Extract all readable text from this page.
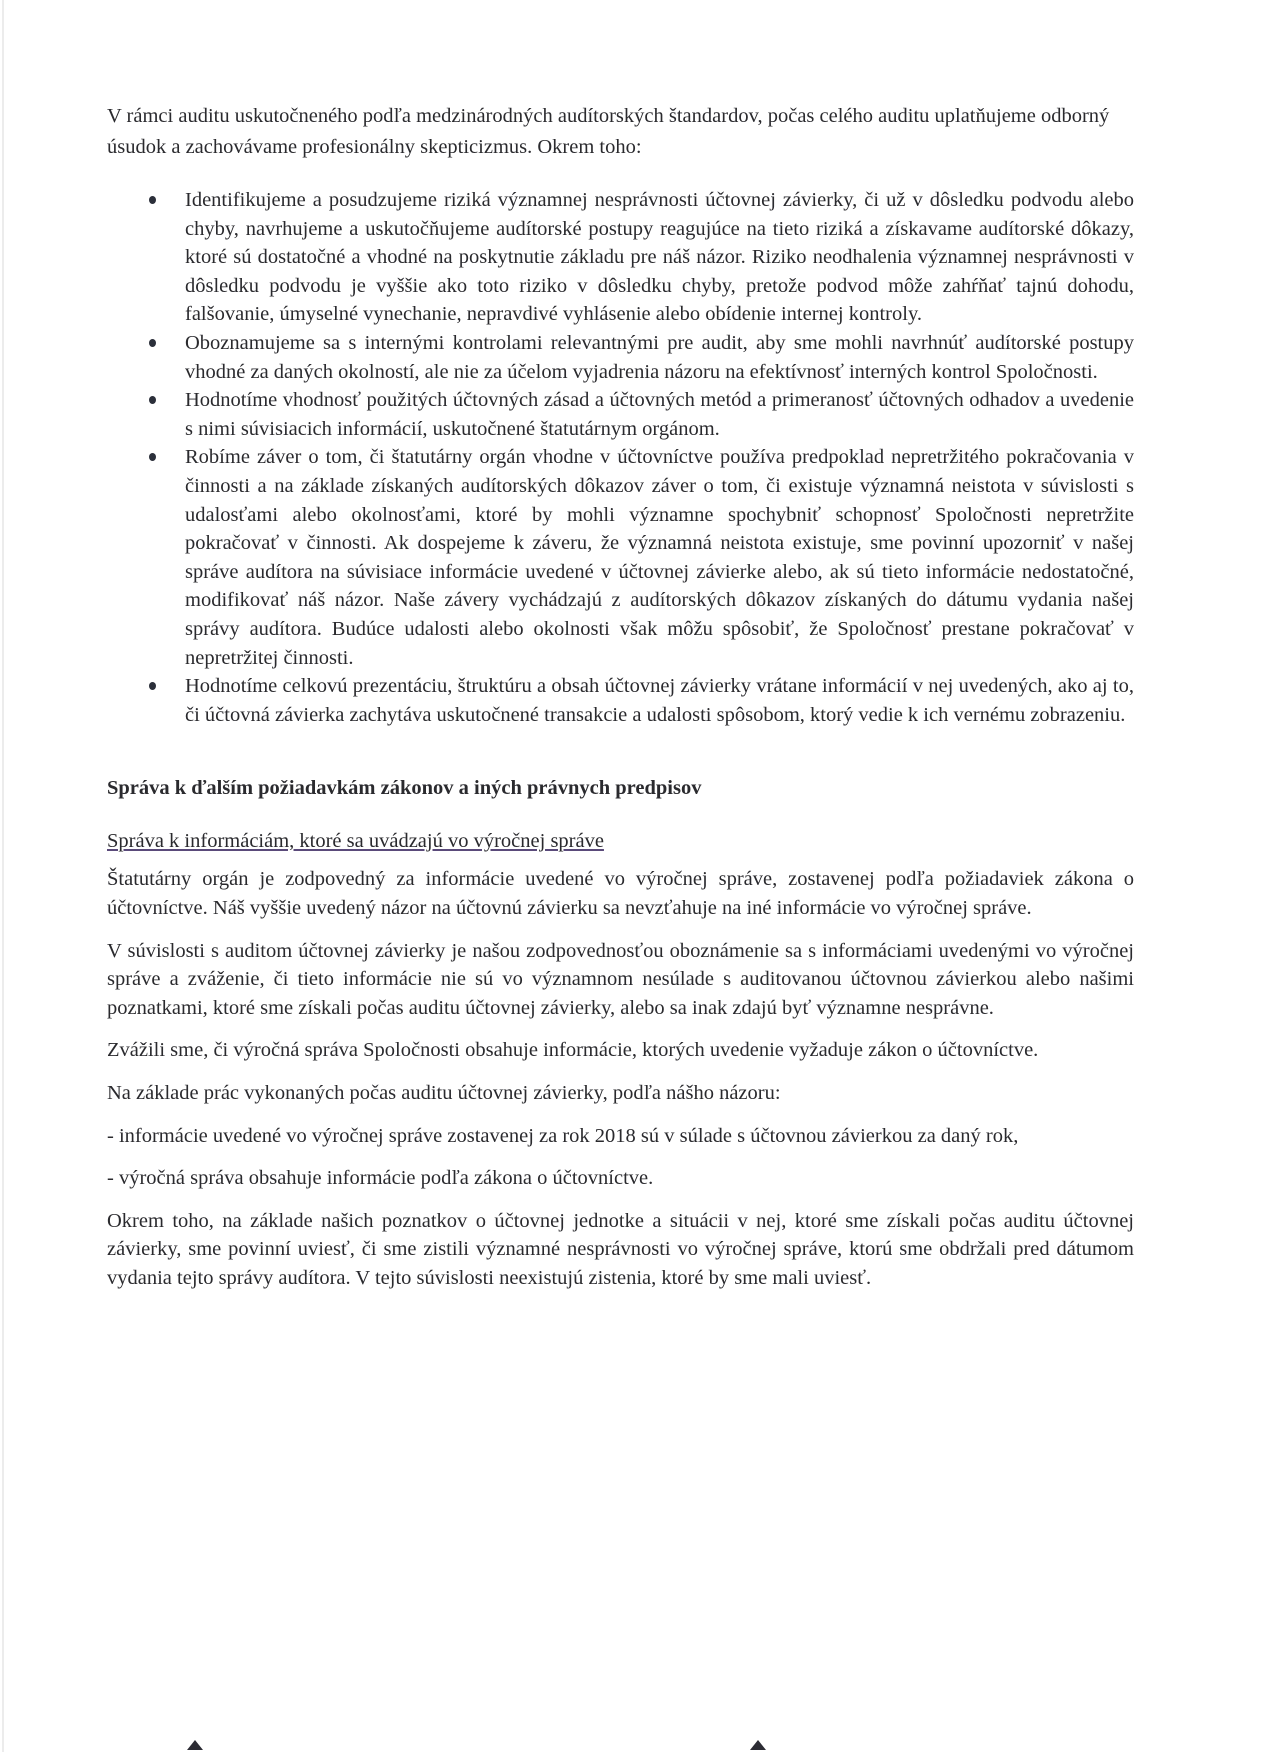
V rámci auditu uskutočneného podľa medzinárodných audítorských štandardov, počas celého auditu uplatňujeme odborný úsudok a zachovávame profesionálny skepticizmus. Okrem toho:

Identifikujeme a posudzujeme riziká významnej nesprávnosti účtovnej závierky, či už v dôsledku podvodu alebo chyby, navrhujeme a uskutočňujeme audítorské postupy reagujúce na tieto riziká a získavame audítorské dôkazy, ktoré sú dostatočné a vhodné na poskytnutie základu pre náš názor. Riziko neodhalenia významnej nesprávnosti v dôsledku podvodu je vyššie ako toto riziko v dôsledku chyby, pretože podvod môže zahŕňať tajnú dohodu, falšovanie, úmyselné vynechanie, nepravdivé vyhlásenie alebo obídenie internej kontroly.
Oboznamujeme sa s internými kontrolami relevantnými pre audit, aby sme mohli navrhnúť audítorské postupy vhodné za daných okolností, ale nie za účelom vyjadrenia názoru na efektívnosť interných kontrol Spoločnosti.
Hodnotíme vhodnosť použitých účtovných zásad a účtovných metód a primeranosť účtovných odhadov a uvedenie s nimi súvisiacich informácií, uskutočnené štatutárnym orgánom.
Robíme záver o tom, či štatutárny orgán vhodne v účtovníctve používa predpoklad nepretržitého pokračovania v činnosti a na základe získaných audítorských dôkazov záver o tom, či existuje významná neistota v súvislosti s udalosťami alebo okolnosťami, ktoré by mohli významne spochybniť schopnosť Spoločnosti nepretržite pokračovať v činnosti. Ak dospejeme k záveru, že významná neistota existuje, sme povinní upozorniť v našej správe audítora na súvisiace informácie uvedené v účtovnej závierke alebo, ak sú tieto informácie nedostatočné, modifikovať náš názor. Naše závery vychádzajú z audítorských dôkazov získaných do dátumu vydania našej správy audítora. Budúce udalosti alebo okolnosti však môžu spôsobiť, že Spoločnosť prestane pokračovať v nepretržitej činnosti.
Hodnotíme celkovú prezentáciu, štruktúru a obsah účtovnej závierky vrátane informácií v nej uvedených, ako aj to, či účtovná závierka zachytáva uskutočnené transakcie a udalosti spôsobom, ktorý vedie k ich vernému zobrazeniu.

Správa k ďalším požiadavkám zákonov a iných právnych predpisov

Správa k informáciám, ktoré sa uvádzajú vo výročnej správe

Štatutárny orgán je zodpovedný za informácie uvedené vo výročnej správe, zostavenej podľa požiadaviek zákona o účtovníctve. Náš vyššie uvedený názor na účtovnú závierku sa nevzťahuje na iné informácie vo výročnej správe.

V súvislosti s auditom účtovnej závierky je našou zodpovednosťou oboznámenie sa s informáciami uvedenými vo výročnej správe a zváženie, či tieto informácie nie sú vo významnom nesúlade s auditovanou účtovnou závierkou alebo našimi poznatkami, ktoré sme získali počas auditu účtovnej závierky, alebo sa inak zdajú byť významne nesprávne.

Zvážili sme, či výročná správa Spoločnosti obsahuje informácie, ktorých uvedenie vyžaduje zákon o účtovníctve.

Na základe prác vykonaných počas auditu účtovnej závierky, podľa nášho názoru:

- informácie uvedené vo výročnej správe zostavenej za rok 2018 sú v súlade s účtovnou závierkou za daný rok,

- výročná správa obsahuje informácie podľa zákona o účtovníctve.

Okrem toho, na základe našich poznatkov o účtovnej jednotke a situácii v nej, ktoré sme získali počas auditu účtovnej závierky, sme povinní uviesť, či sme zistili významné nesprávnosti vo výročnej správe, ktorú sme obdržali pred dátumom vydania tejto správy audítora. V tejto súvislosti neexistujú zistenia, ktoré by sme mali uviesť.
